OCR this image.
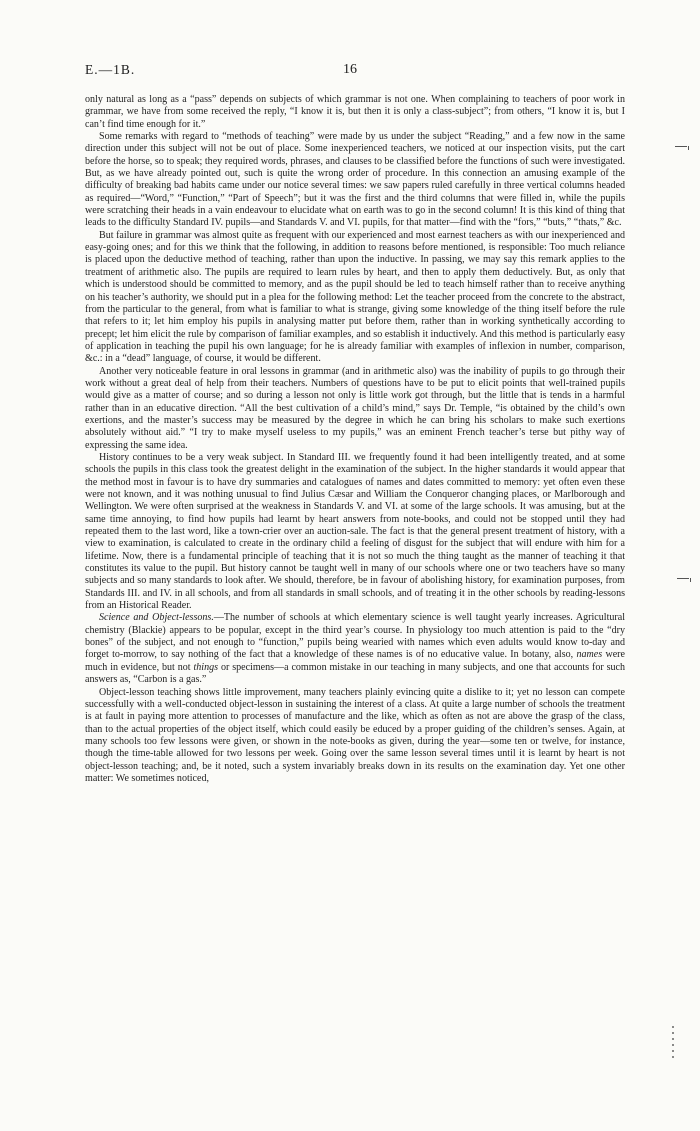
E.—1B.	16

only natural as long as a “pass” depends on subjects of which grammar is not one. When complaining to teachers of poor work in grammar, we have from some received the reply, “I know it is, but then it is only a class-subject”; from others, “I know it is, but I can’t find time enough for it.”

Some remarks with regard to “methods of teaching” were made by us under the subject “Reading,” and a few now in the same direction under this subject will not be out of place. Some inexperienced teachers, we noticed at our inspection visits, put the cart before the horse, so to speak; they required words, phrases, and clauses to be classified before the functions of such were investigated. But, as we have already pointed out, such is quite the wrong order of procedure. In this connection an amusing example of the difficulty of breaking bad habits came under our notice several times: we saw papers ruled carefully in three vertical columns headed as required—“Word,” “Function,” “Part of Speech”; but it was the first and the third columns that were filled in, while the pupils were scratching their heads in a vain endeavour to elucidate what on earth was to go in the second column! It is this kind of thing that leads to the difficulty Standard IV. pupils—and Standards V. and VI. pupils, for that matter—find with the “fors,” “buts,” “thats,” &c.

But failure in grammar was almost quite as frequent with our experienced and most earnest teachers as with our inexperienced and easy-going ones; and for this we think that the following, in addition to reasons before mentioned, is responsible: Too much reliance is placed upon the deductive method of teaching, rather than upon the inductive. In passing, we may say this remark applies to the treatment of arithmetic also. The pupils are required to learn rules by heart, and then to apply them deductively. But, as only that which is understood should be committed to memory, and as the pupil should be led to teach himself rather than to receive anything on his teacher’s authority, we should put in a plea for the following method: Let the teacher proceed from the concrete to the abstract, from the particular to the general, from what is familiar to what is strange, giving some knowledge of the thing itself before the rule that refers to it; let him employ his pupils in analysing matter put before them, rather than in working synthetically according to precept; let him elicit the rule by comparison of familiar examples, and so establish it inductively. And this method is particularly easy of application in teaching the pupil his own language; for he is already familiar with examples of inflexion in number, comparison, &c.: in a “dead” language, of course, it would be different.

Another very noticeable feature in oral lessons in grammar (and in arithmetic also) was the inability of pupils to go through their work without a great deal of help from their teachers. Numbers of questions have to be put to elicit points that well-trained pupils would give as a matter of course; and so during a lesson not only is little work got through, but the little that is tends in a harmful rather than in an educative direction. “All the best cultivation of a child’s mind,” says Dr. Temple, “is obtained by the child’s own exertions, and the master’s success may be measured by the degree in which he can bring his scholars to make such exertions absolutely without aid.” “I try to make myself useless to my pupils,” was an eminent French teacher’s terse but pithy way of expressing the same idea.

History continues to be a very weak subject. In Standard III. we frequently found it had been intelligently treated, and at some schools the pupils in this class took the greatest delight in the examination of the subject. In the higher standards it would appear that the method most in favour is to have dry summaries and catalogues of names and dates committed to memory: yet often even these were not known, and it was nothing unusual to find Julius Cæsar and William the Conqueror changing places, or Marlborough and Wellington. We were often surprised at the weakness in Standards V. and VI. at some of the large schools. It was amusing, but at the same time annoying, to find how pupils had learnt by heart answers from note-books, and could not be stopped until they had repeated them to the last word, like a town-crier over an auction-sale. The fact is that the general present treatment of history, with a view to examination, is calculated to create in the ordinary child a feeling of disgust for the subject that will endure with him for a lifetime. Now, there is a fundamental principle of teaching that it is not so much the thing taught as the manner of teaching it that constitutes its value to the pupil. But history cannot be taught well in many of our schools where one or two teachers have so many subjects and so many standards to look after. We should, therefore, be in favour of abolishing history, for examination purposes, from Standards III. and IV. in all schools, and from all standards in small schools, and of treating it in the other schools by reading-lessons from an Historical Reader.

Science and Object-lessons.—The number of schools at which elementary science is well taught yearly increases. Agricultural chemistry (Blackie) appears to be popular, except in the third year’s course. In physiology too much attention is paid to the “dry bones” of the subject, and not enough to “function,” pupils being wearied with names which even adults would know to-day and forget to-morrow, to say nothing of the fact that a knowledge of these names is of no educative value. In botany, also, names were much in evidence, but not things or specimens—a common mistake in our teaching in many subjects, and one that accounts for such answers as, “Carbon is a gas.”

Object-lesson teaching shows little improvement, many teachers plainly evincing quite a dislike to it; yet no lesson can compete successfully with a well-conducted object-lesson in sustaining the interest of a class. At quite a large number of schools the treatment is at fault in paying more attention to processes of manufacture and the like, which as often as not are above the grasp of the class, than to the actual properties of the object itself, which could easily be educed by a proper guiding of the children’s senses. Again, at many schools too few lessons were given, or shown in the note-books as given, during the year—some ten or twelve, for instance, though the time-table allowed for two lessons per week. Going over the same lesson several times until it is learnt by heart is not object-lesson teaching; and, be it noted, such a system invariably breaks down in its results on the examination day. Yet one other matter: We sometimes noticed,
